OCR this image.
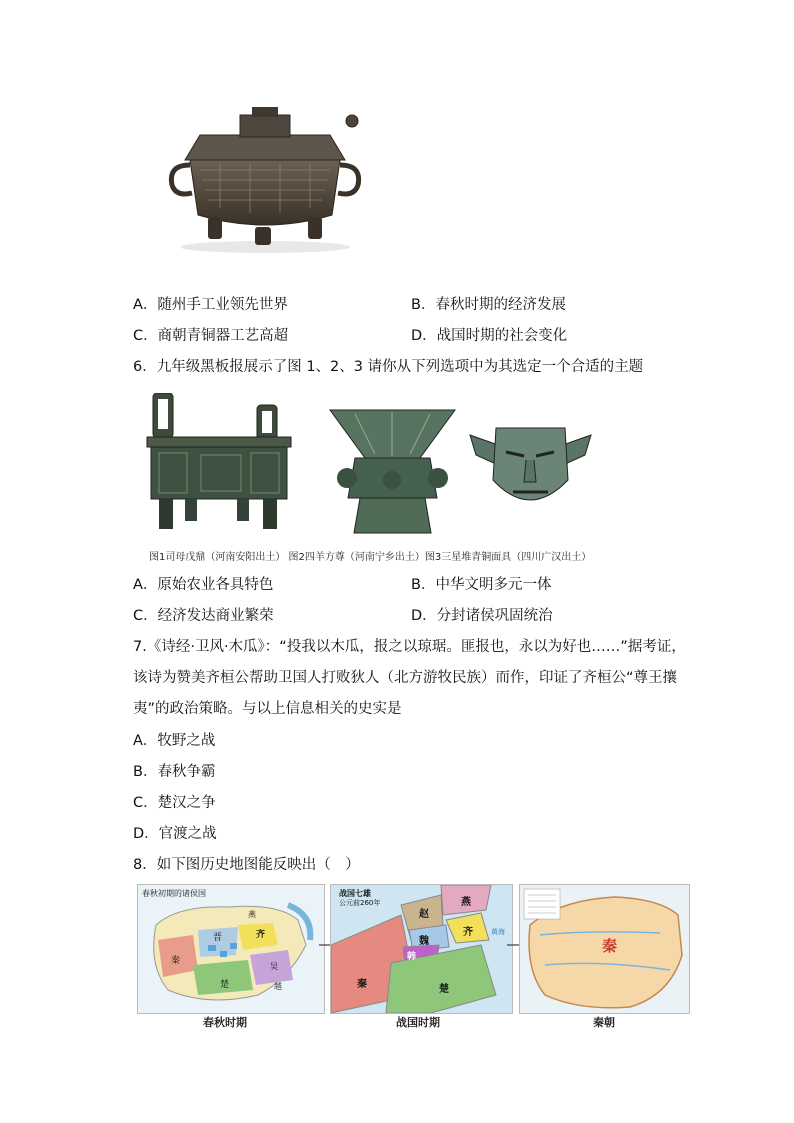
A．随州手工业领先世界	B．春秋时期的经济发展
C．商朝青铜器工艺高超	D．战国时期的社会变化
6．九年级黑板报展示了图 1、2、3 请你从下列选项中为其选定一个合适的主题
图1司母戊鼎（河南安阳出土） 图2四羊方尊（河南宁乡出土）图3三星堆青铜面具（四川广汉出土）
A．原始农业各具特色	B．中华文明多元一体
C．经济发达商业繁荣	D．分封诸侯巩固统治
7.《诗经·卫风·木瓜》：“投我以木瓜，报之以琼琚。匪报也，永以为好也……”据考证，
该诗为赞美齐桓公帮助卫国人打败狄人（北方游牧民族）而作，印证了齐桓公“尊王攘
夷”的政治策略。与以上信息相关的史实是
A．牧野之战
B．春秋争霸
C．楚汉之争
D．官渡之战
8．如下图历史地图能反映出（　）
春秋初期的诸侯国
齐
晋
秦
楚
燕
吴
越
春秋时期
战国七雄
公元前260年
赵
燕
齐
魏
韩
秦	楚
黄海
战国时期
秦
秦朝
